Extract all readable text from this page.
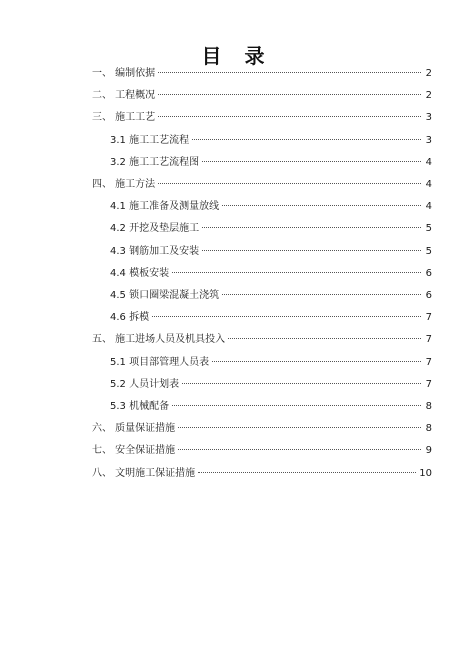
目 录
一、 编制依据	2
二、 工程概况	2
三、 施工工艺	3
3.1 施工工艺流程	3
3.2 施工工艺流程图	4
四、 施工方法	4
4.1 施工准备及测量放线	4
4.2 开挖及垫层施工	5
4.3 钢筋加工及安装	5
4.4 模板安装	6
4.5 锁口圈梁混凝土浇筑	6
4.6 拆模	7
五、 施工进场人员及机具投入	7
5.1 项目部管理人员表	7
5.2 人员计划表	7
5.3 机械配备	8
六、 质量保证措施	8
七、 安全保证措施	9
八、 文明施工保证措施	10
